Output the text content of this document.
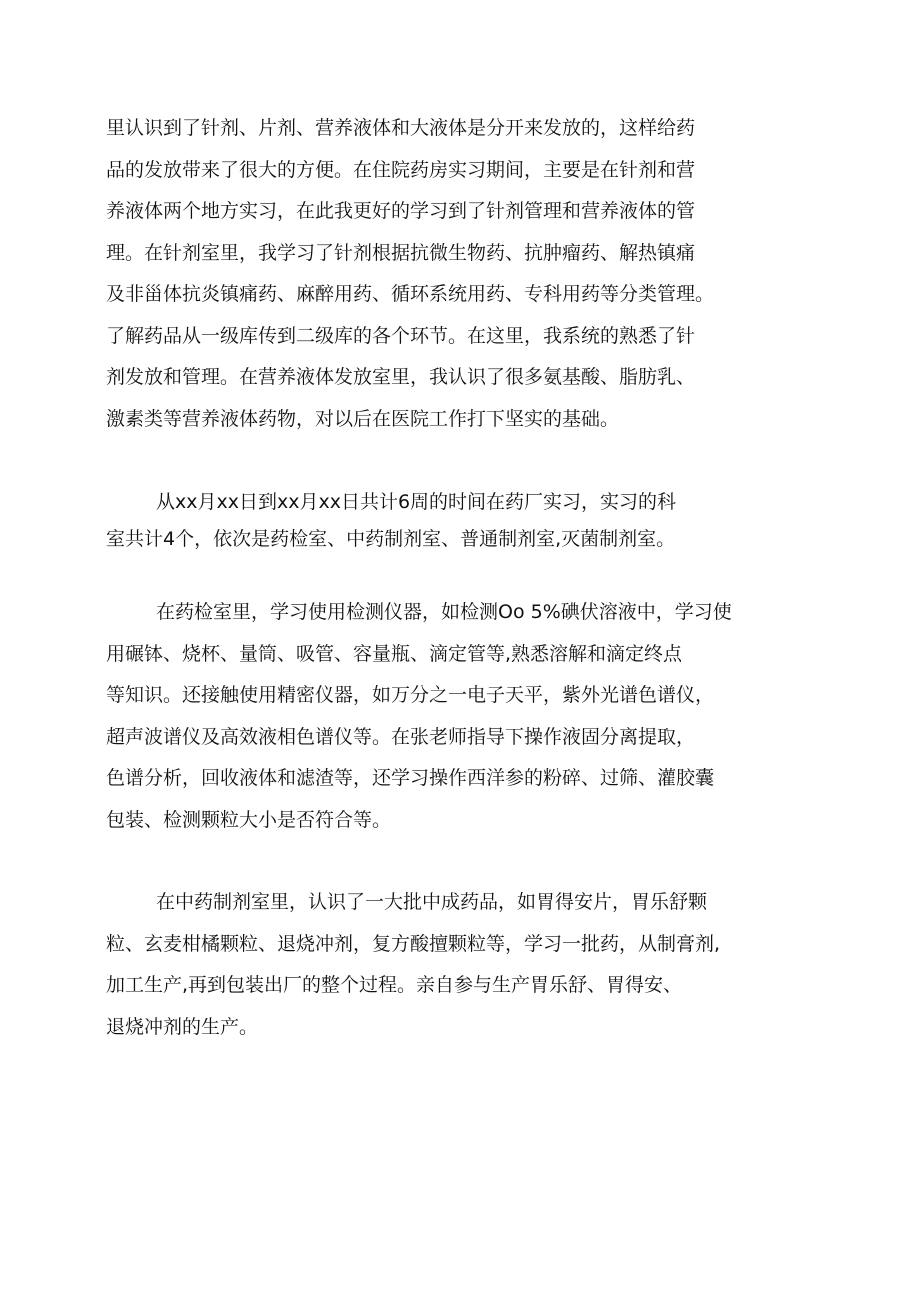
里认识到了针剂、片剂、营养液体和大液体是分开来发放的，这样给药
品的发放带来了很大的方便。在住院药房实习期间，主要是在针剂和营
养液体两个地方实习，在此我更好的学习到了针剂管理和营养液体的管
理。在针剂室里，我学习了针剂根据抗微生物药、抗肿瘤药、解热镇痛
及非甾体抗炎镇痛药、麻醉用药、循环系统用药、专科用药等分类管理。
了解药品从一级库传到二级库的各个环节。在这里，我系统的熟悉了针
剂发放和管理。在营养液体发放室里，我认识了很多氨基酸、脂肪乳、
激素类等营养液体药物，对以后在医院工作打下坚实的基础。
从xx月xx日到xx月xx日共计6周的时间在药厂实习，实习的科
室共计4个，依次是药检室、中药制剂室、普通制剂室,灭菌制剂室。
在药检室里，学习使用检测仪器，如检测Oo 5%碘伏溶液中，学习使
用碾钵、烧杯、量筒、吸管、容量瓶、滴定管等,熟悉溶解和滴定终点
等知识。还接触使用精密仪器，如万分之一电子天平，紫外光谱色谱仪，
超声波谱仪及高效液相色谱仪等。在张老师指导下操作液固分离提取，
色谱分析，回收液体和滤渣等，还学习操作西洋参的粉碎、过筛、灌胶囊
包装、检测颗粒大小是否符合等。
在中药制剂室里，认识了一大批中成药品，如胃得安片，胃乐舒颗
粒、玄麦柑橘颗粒、退烧冲剂，复方酸擅颗粒等，学习一批药，从制膏剂,
加工生产,再到包装出厂的整个过程。亲自参与生产胃乐舒、胃得安、
退烧冲剂的生产。
